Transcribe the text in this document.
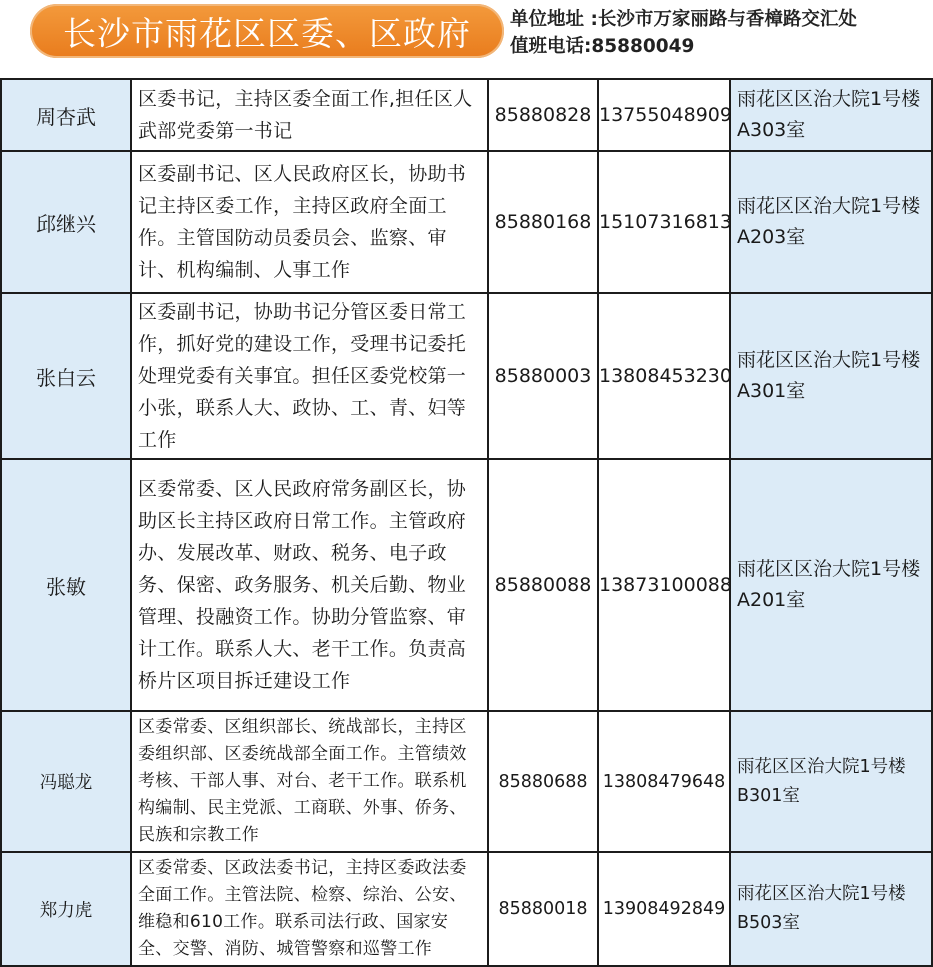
长沙市雨花区区委、区政府 单位地址 :长沙市万家丽路与香樟路交汇处
值班电话:85880049
周杏武	区委书记，主持区委全面工作,担任区人武部党委第一书记	85880828	13755048909	雨花区区治大院1号楼A303室
邱继兴	区委副书记、区人民政府区长，协助书记主持区委工作，主持区政府全面工作。主管国防动员委员会、监察、审计、机构编制、人事工作	85880168	15107316813	雨花区区治大院1号楼A203室
张白云	区委副书记，协助书记分管区委日常工作，抓好党的建设工作，受理书记委托处理党委有关事宜。担任区委党校第一小张，联系人大、政协、工、青、妇等工作	85880003	13808453230	雨花区区治大院1号楼A301室
张敏	区委常委、区人民政府常务副区长，协助区长主持区政府日常工作。主管政府办、发展改革、财政、税务、电子政务、保密、政务服务、机关后勤、物业管理、投融资工作。协助分管监察、审计工作。联系人大、老干工作。负责高桥片区项目拆迁建设工作	85880088	13873100088	雨花区区治大院1号楼A201室
冯聪龙	区委常委、区组织部长、统战部长，主持区委组织部、区委统战部全面工作。主管绩效考核、干部人事、对台、老干工作。联系机构编制、民主党派、工商联、外事、侨务、民族和宗教工作	85880688	13808479648	雨花区区治大院1号楼B301室
郑力虎	区委常委、区政法委书记，主持区委政法委全面工作。主管法院、检察、综治、公安、维稳和610工作。联系司法行政、国家安全、交警、消防、城管警察和巡警工作	85880018	13908492849	雨花区区治大院1号楼B503室
